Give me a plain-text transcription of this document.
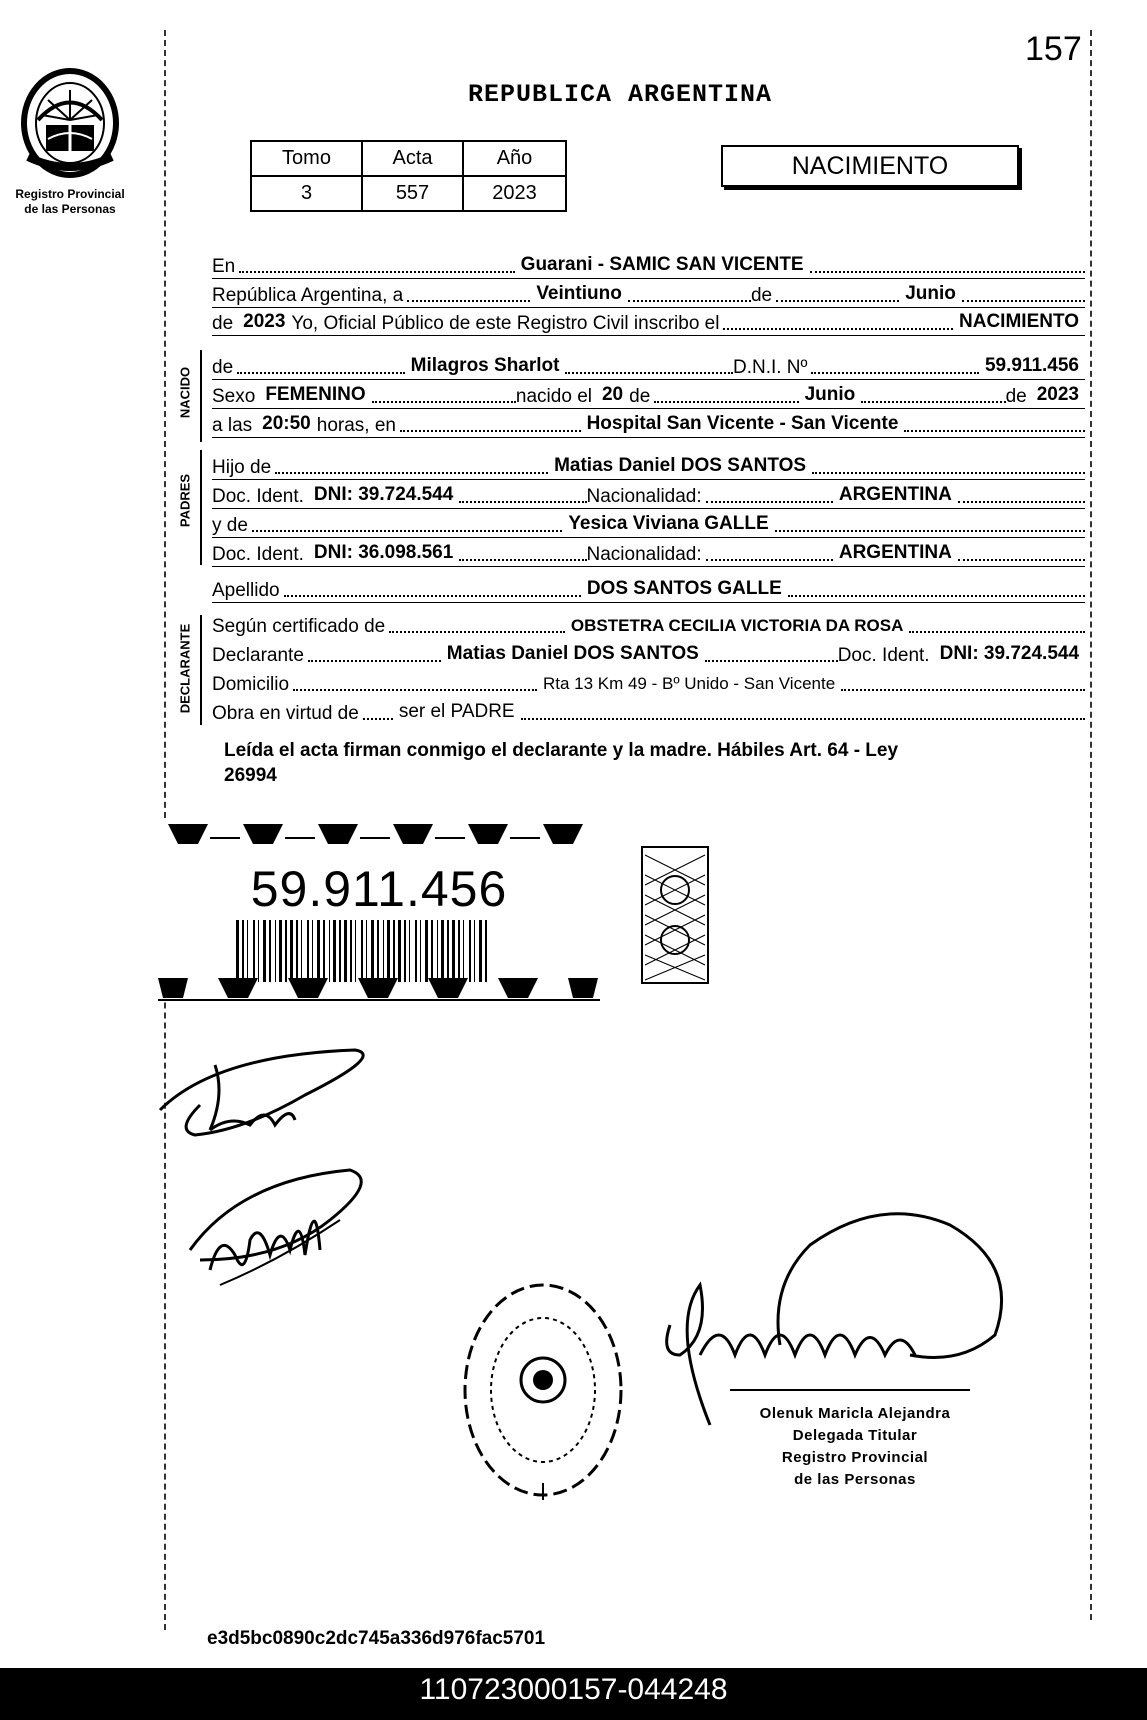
157
Registro Provincial
de las Personas
REPUBLICA ARGENTINA
Tomo	Acta	Año
3	557	2023
NACIMIENTO
En	Guarani - SAMIC SAN VICENTE
República Argentina, a	Veintiuno	de	Junio
de 2023 Yo, Oficial Público de este Registro Civil inscribo el	NACIMIENTO
NACIDO de	Milagros Sharlot	D.N.I. Nº	59.911.456
Sexo FEMENINO	nacido el 20 de	Junio	de 2023
a las 20:50 horas, en	Hospital San Vicente - San Vicente
PADRES
Hijo de	Matias Daniel DOS SANTOS
Doc. Ident. DNI: 39.724.544	Nacionalidad:	ARGENTINA
y de	Yesica Viviana GALLE
Doc. Ident. DNI: 36.098.561	Nacionalidad:	ARGENTINA
Apellido	DOS SANTOS GALLE
DECLARANTE Según certificado de	OBSTETRA CECILIA VICTORIA DA ROSA
Declarante	Matias Daniel DOS SANTOS	Doc. Ident. DNI: 39.724.544
Domicilio	Rta 13 Km 49 - Bº Unido - San Vicente
Obra en virtud de	ser el PADRE
Leída el acta firman conmigo el declarante y la madre. Hábiles Art. 64 - Ley
26994
59.911.456
Olenuk Maricla Alejandra
Delegada Titular
Registro Provincial
de las Personas
e3d5bc0890c2dc745a336d976fac5701
110723000157-044248
